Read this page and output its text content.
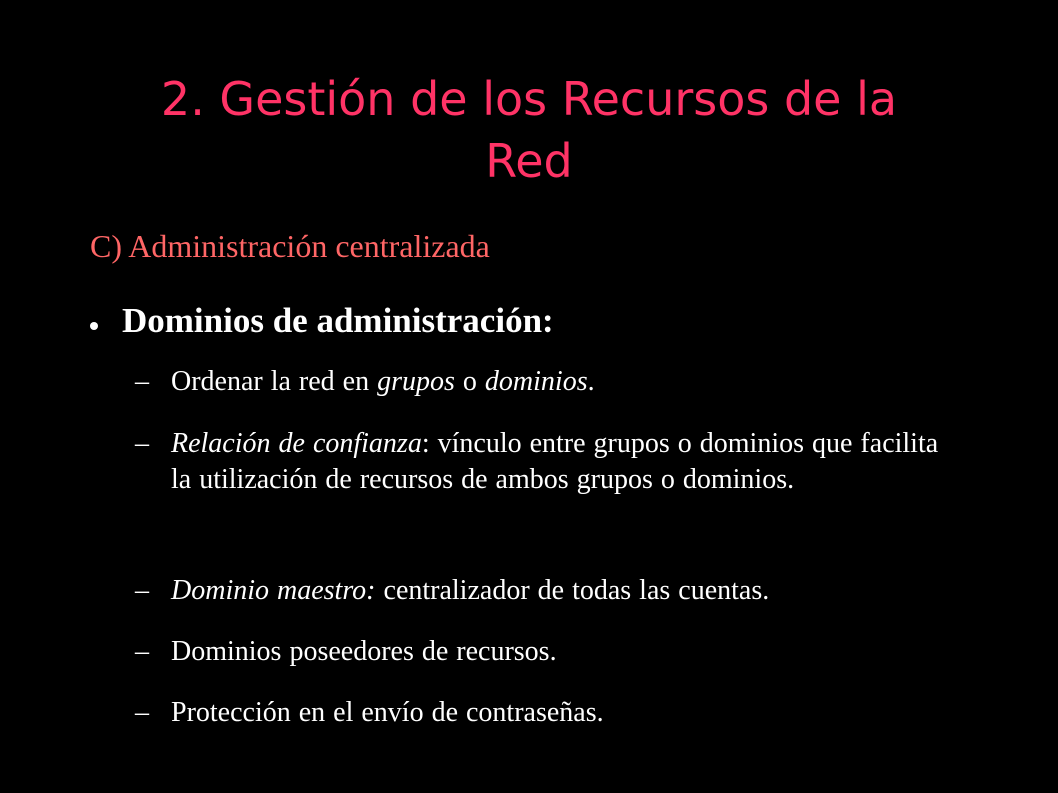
2. Gestión de los Recursos de la
Red
C) Administración centralizada
Dominios de administración:
– Ordenar la red en grupos o dominios.
– Relación de confianza: vínculo entre grupos o dominios que facilita la utilización de recursos de ambos grupos o dominios.
– Dominio maestro: centralizador de todas las cuentas.
– Dominios poseedores de recursos.
– Protección en el envío de contraseñas.
